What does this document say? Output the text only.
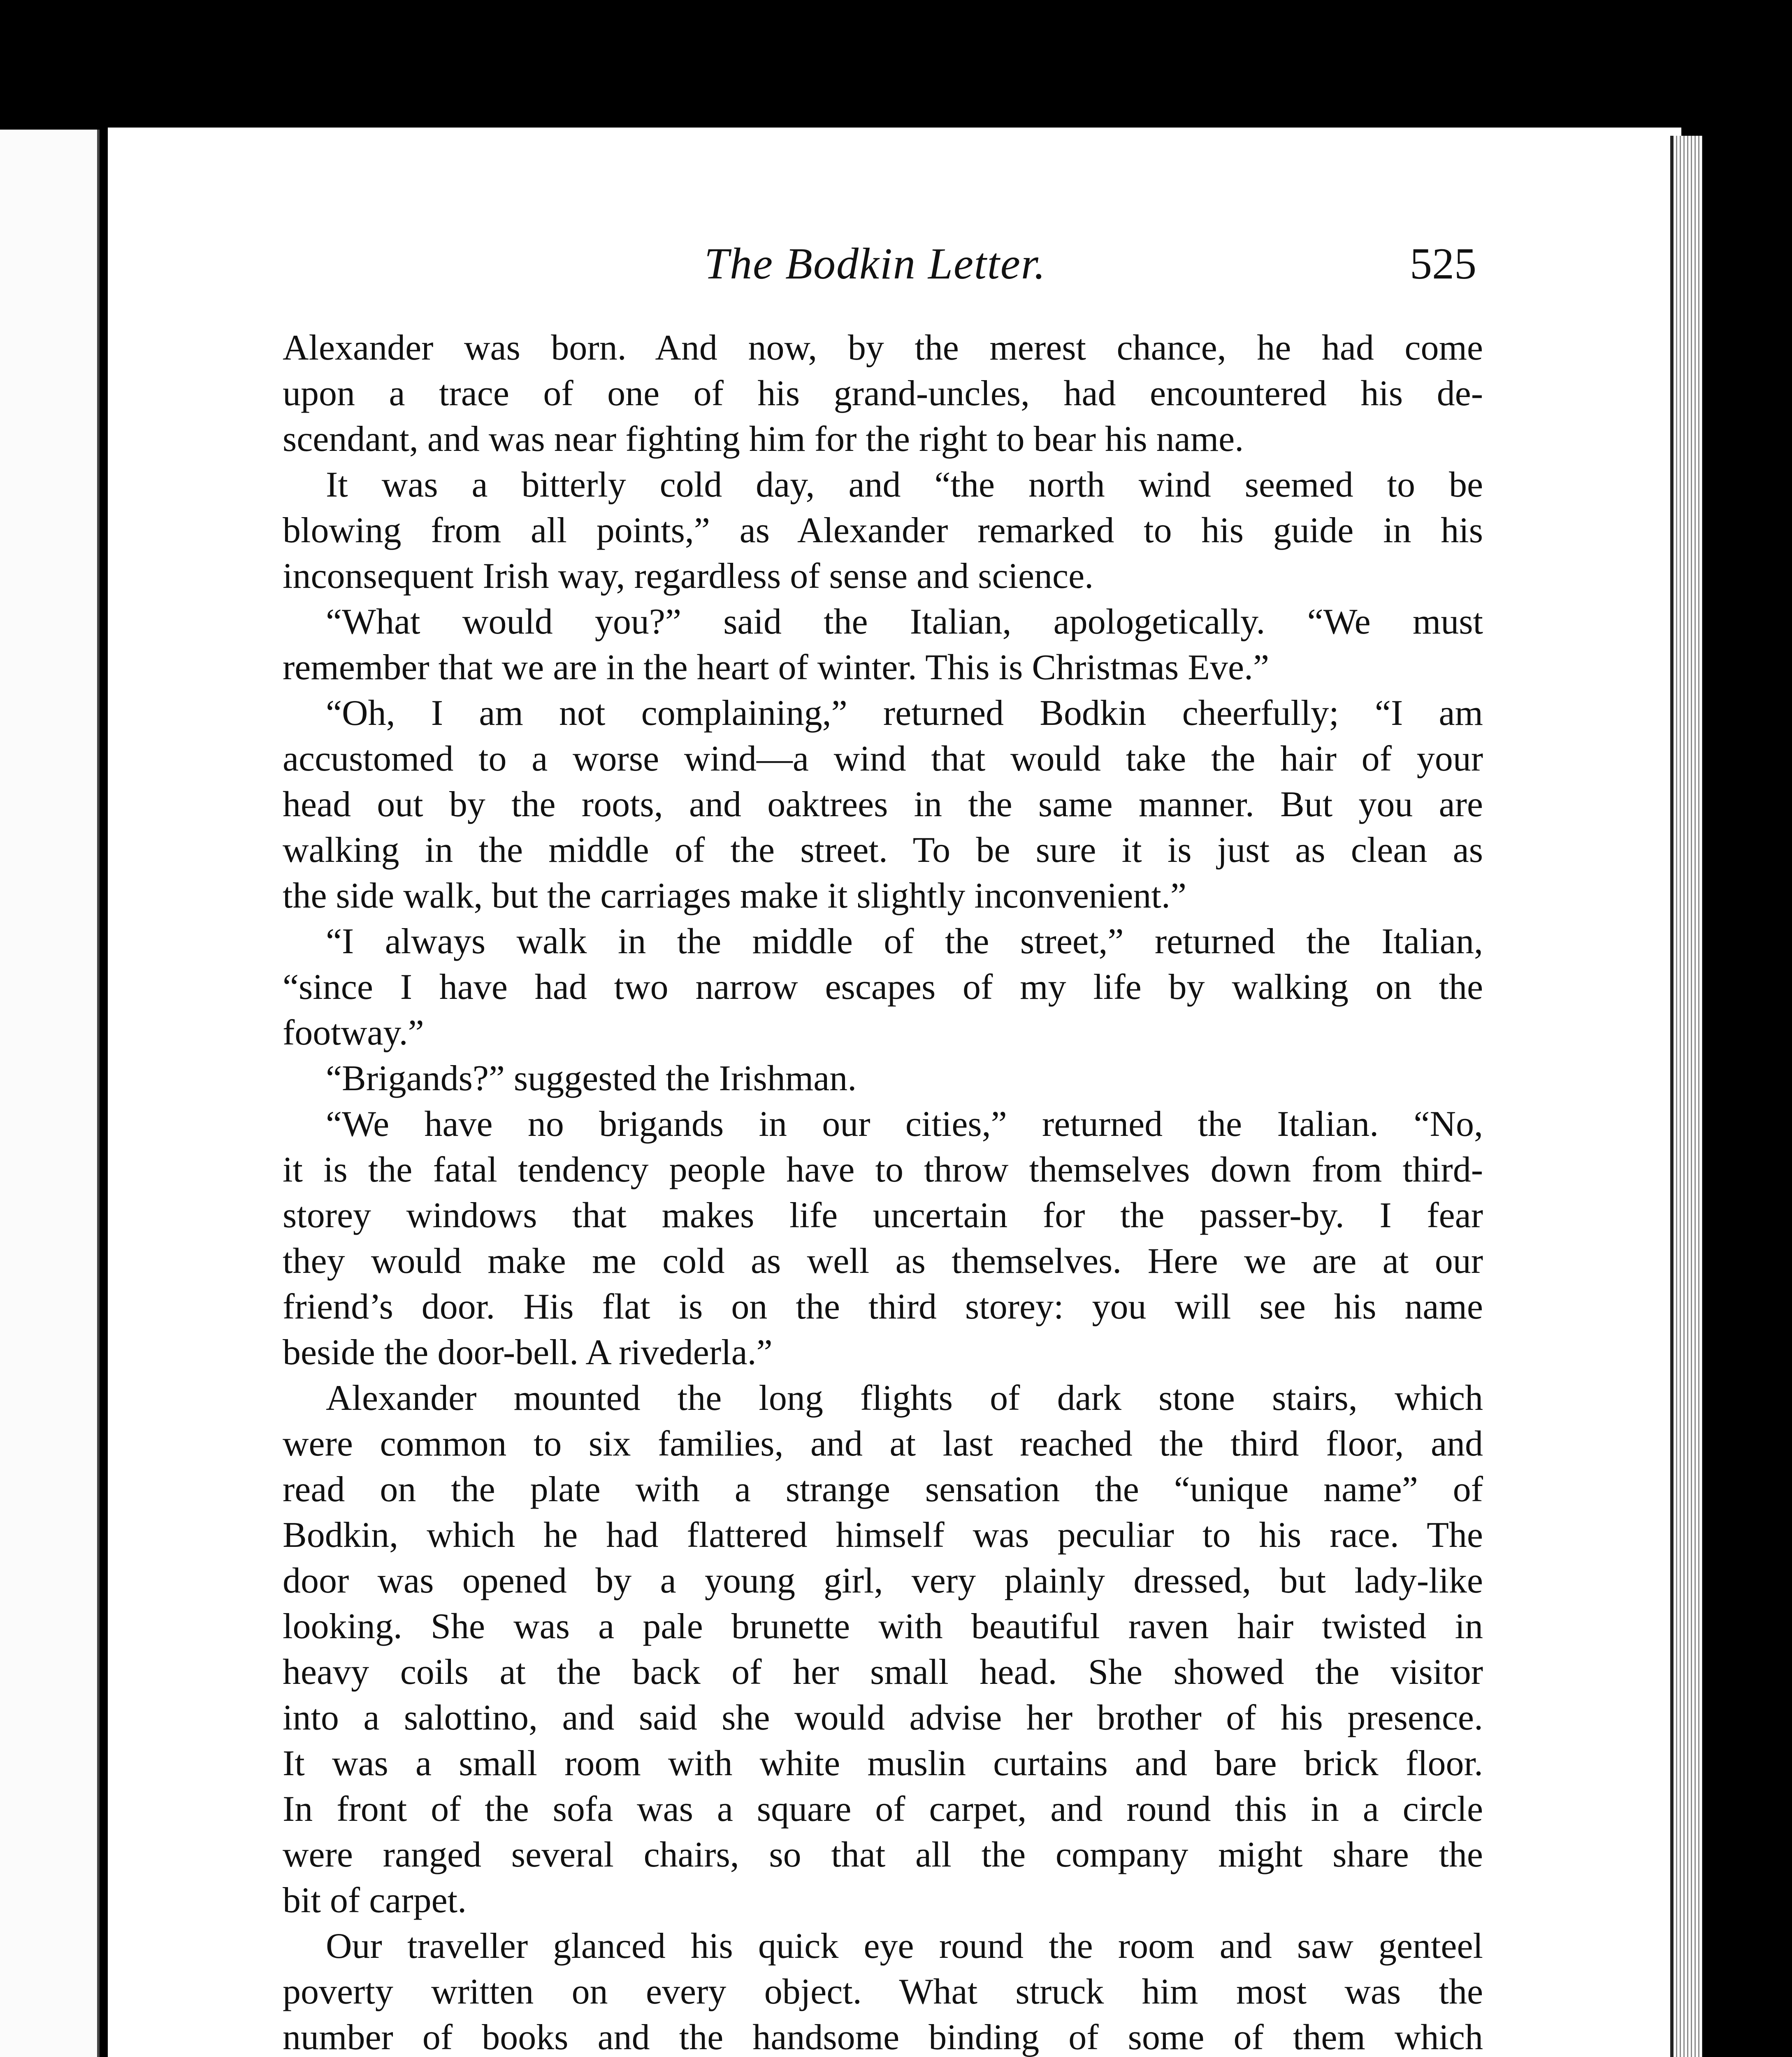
The Bodkin Letter.	525
Alexander was born. And now, by the merest chance, he had come
upon a trace of one of his grand-uncles, had encountered his de-
scendant, and was near fighting him for the right to bear his name.
It was a bitterly cold day, and “the north wind seemed to be
blowing from all points,” as Alexander remarked to his guide in his
inconsequent Irish way, regardless of sense and science.
“What would you?” said the Italian, apologetically. “We must
remember that we are in the heart of winter. This is Christmas Eve.”
“Oh, I am not complaining,” returned Bodkin cheerfully; “I am
accustomed to a worse wind—a wind that would take the hair of your
head out by the roots, and oaktrees in the same manner. But you are
walking in the middle of the street. To be sure it is just as clean as
the side walk, but the carriages make it slightly inconvenient.”
“I always walk in the middle of the street,” returned the Italian,
“since I have had two narrow escapes of my life by walking on the
footway.”
“Brigands?” suggested the Irishman.
“We have no brigands in our cities,” returned the Italian. “No,
it is the fatal tendency people have to throw themselves down from third-
storey windows that makes life uncertain for the passer-by. I fear
they would make me cold as well as themselves. Here we are at our
friend’s door. His flat is on the third storey: you will see his name
beside the door-bell. A rivederla.”
Alexander mounted the long flights of dark stone stairs, which
were common to six families, and at last reached the third floor, and
read on the plate with a strange sensation the “unique name” of
Bodkin, which he had flattered himself was peculiar to his race. The
door was opened by a young girl, very plainly dressed, but lady-like
looking. She was a pale brunette with beautiful raven hair twisted in
heavy coils at the back of her small head. She showed the visitor
into a salottino, and said she would advise her brother of his presence.
It was a small room with white muslin curtains and bare brick floor.
In front of the sofa was a square of carpet, and round this in a circle
were ranged several chairs, so that all the company might share the
bit of carpet.
Our traveller glanced his quick eye round the room and saw genteel
poverty written on every object. What struck him most was the
number of books and the handsome binding of some of them which
